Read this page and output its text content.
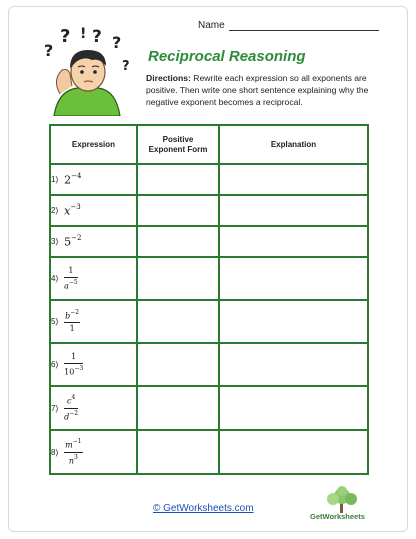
Name
?
? ! ? ?
?
Reciprocal Reasoning
Directions: Rewrite each expression so all exponents are positive. Then write one short sentence explaining why the negative exponent becomes a reciprocal.
Expression	Positive Exponent Form	Explanation

1) $2^{-4}$

2) $x^{-3}$

3) $5^{-2}$

$4) \frac{1}{a^{-5}}$

$5) \frac{b^{-2}}{1}$

$6) \frac{1}{10^{-3}}$

$7) \frac{c^4}{d^{-2}}$

$8) \frac{m^{-1}}{n^3}$

© GetWorksheets.com
GetWorksheets
